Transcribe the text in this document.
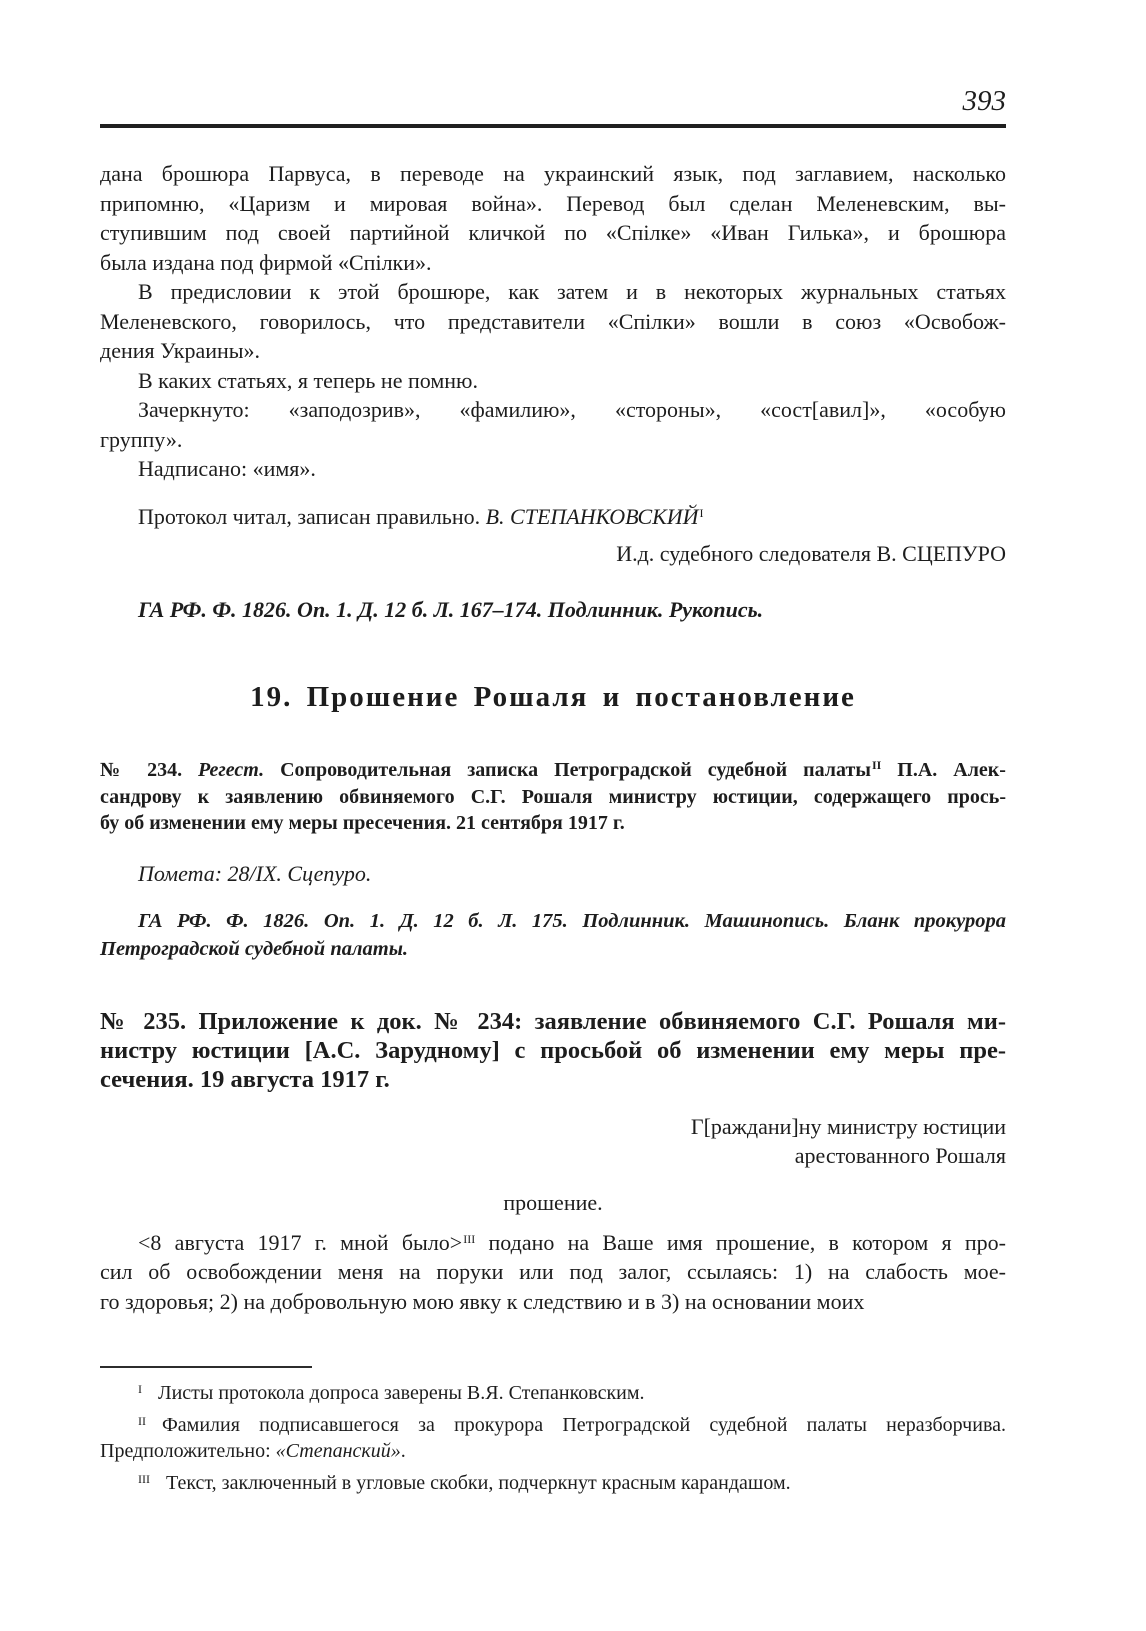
393
дана брошюра Парвуса, в переводе на украинский язык, под заглавием, насколько
припомню, «Царизм и мировая война». Перевод был сделан Меленевским, вы-
ступившим под своей партийной кличкой по «Спілке» «Иван Гилька», и брошюра
была издана под фирмой «Спілки».
В предисловии к этой брошюре, как затем и в некоторых журнальных статьях
Меленевского, говорилось, что представители «Спілки» вошли в союз «Освобож-
дения Украины».
В каких статьях, я теперь не помню.
Зачеркнуто: «заподозрив», «фамилию», «стороны», «сост[авил]», «особую
группу».
Надписано: «имя».
Протокол читал, записан правильно. В. $СТЕПАНКОВСКИЙ^I$
И.д. судебного следователя В. СЦЕПУРО
ГА РФ. Ф. 1826. Оп. 1. Д. 12 б. Л. 167–174. Подлинник. Рукопись.
19. Прошение Рошаля и постановление
№ 234. Регест. Сопроводительная записка Петроградской судебной палаты$^{II}$ П.А. Алек-
сандрову к заявлению обвиняемого С.Г. Рошаля министру юстиции, содержащего прось-
бу об изменении ему меры пресечения. 21 сентября 1917 г.
Помета: 28/IX. Сцепуро.
ГА РФ. Ф. 1826. Оп. 1. Д. 12 б. Л. 175. Подлинник. Машинопись. Бланк прокурора
Петроградской судебной палаты.
№ 235. Приложение к док. № 234: заявление обвиняемого С.Г. Рошаля ми-
нистру юстиции [А.С. Зарудному] с просьбой об изменении ему меры пре-
сечения. 19 августа 1917 г.
Г[раждани]ну министру юстиции
арестованного Рошаля
прошение.
<8 августа 1917 г. мной было>$^{III}$ подано на Ваше имя прошение, в котором я про-
сил об освобождении меня на поруки или под залог, ссылаясь: 1) на слабость мое-
го здоровья; 2) на добровольную мою явку к следствию и в 3) на основании моих
$^I$ Листы протокола допроса заверены В.Я. Степанковским.
$^{II}$ Фамилия подписавшегося за прокурора Петроградской судебной палаты неразборчива.
Предположительно: «Степанский».
$^{III}$ Текст, заключенный в угловые скобки, подчеркнут красным карандашом.
